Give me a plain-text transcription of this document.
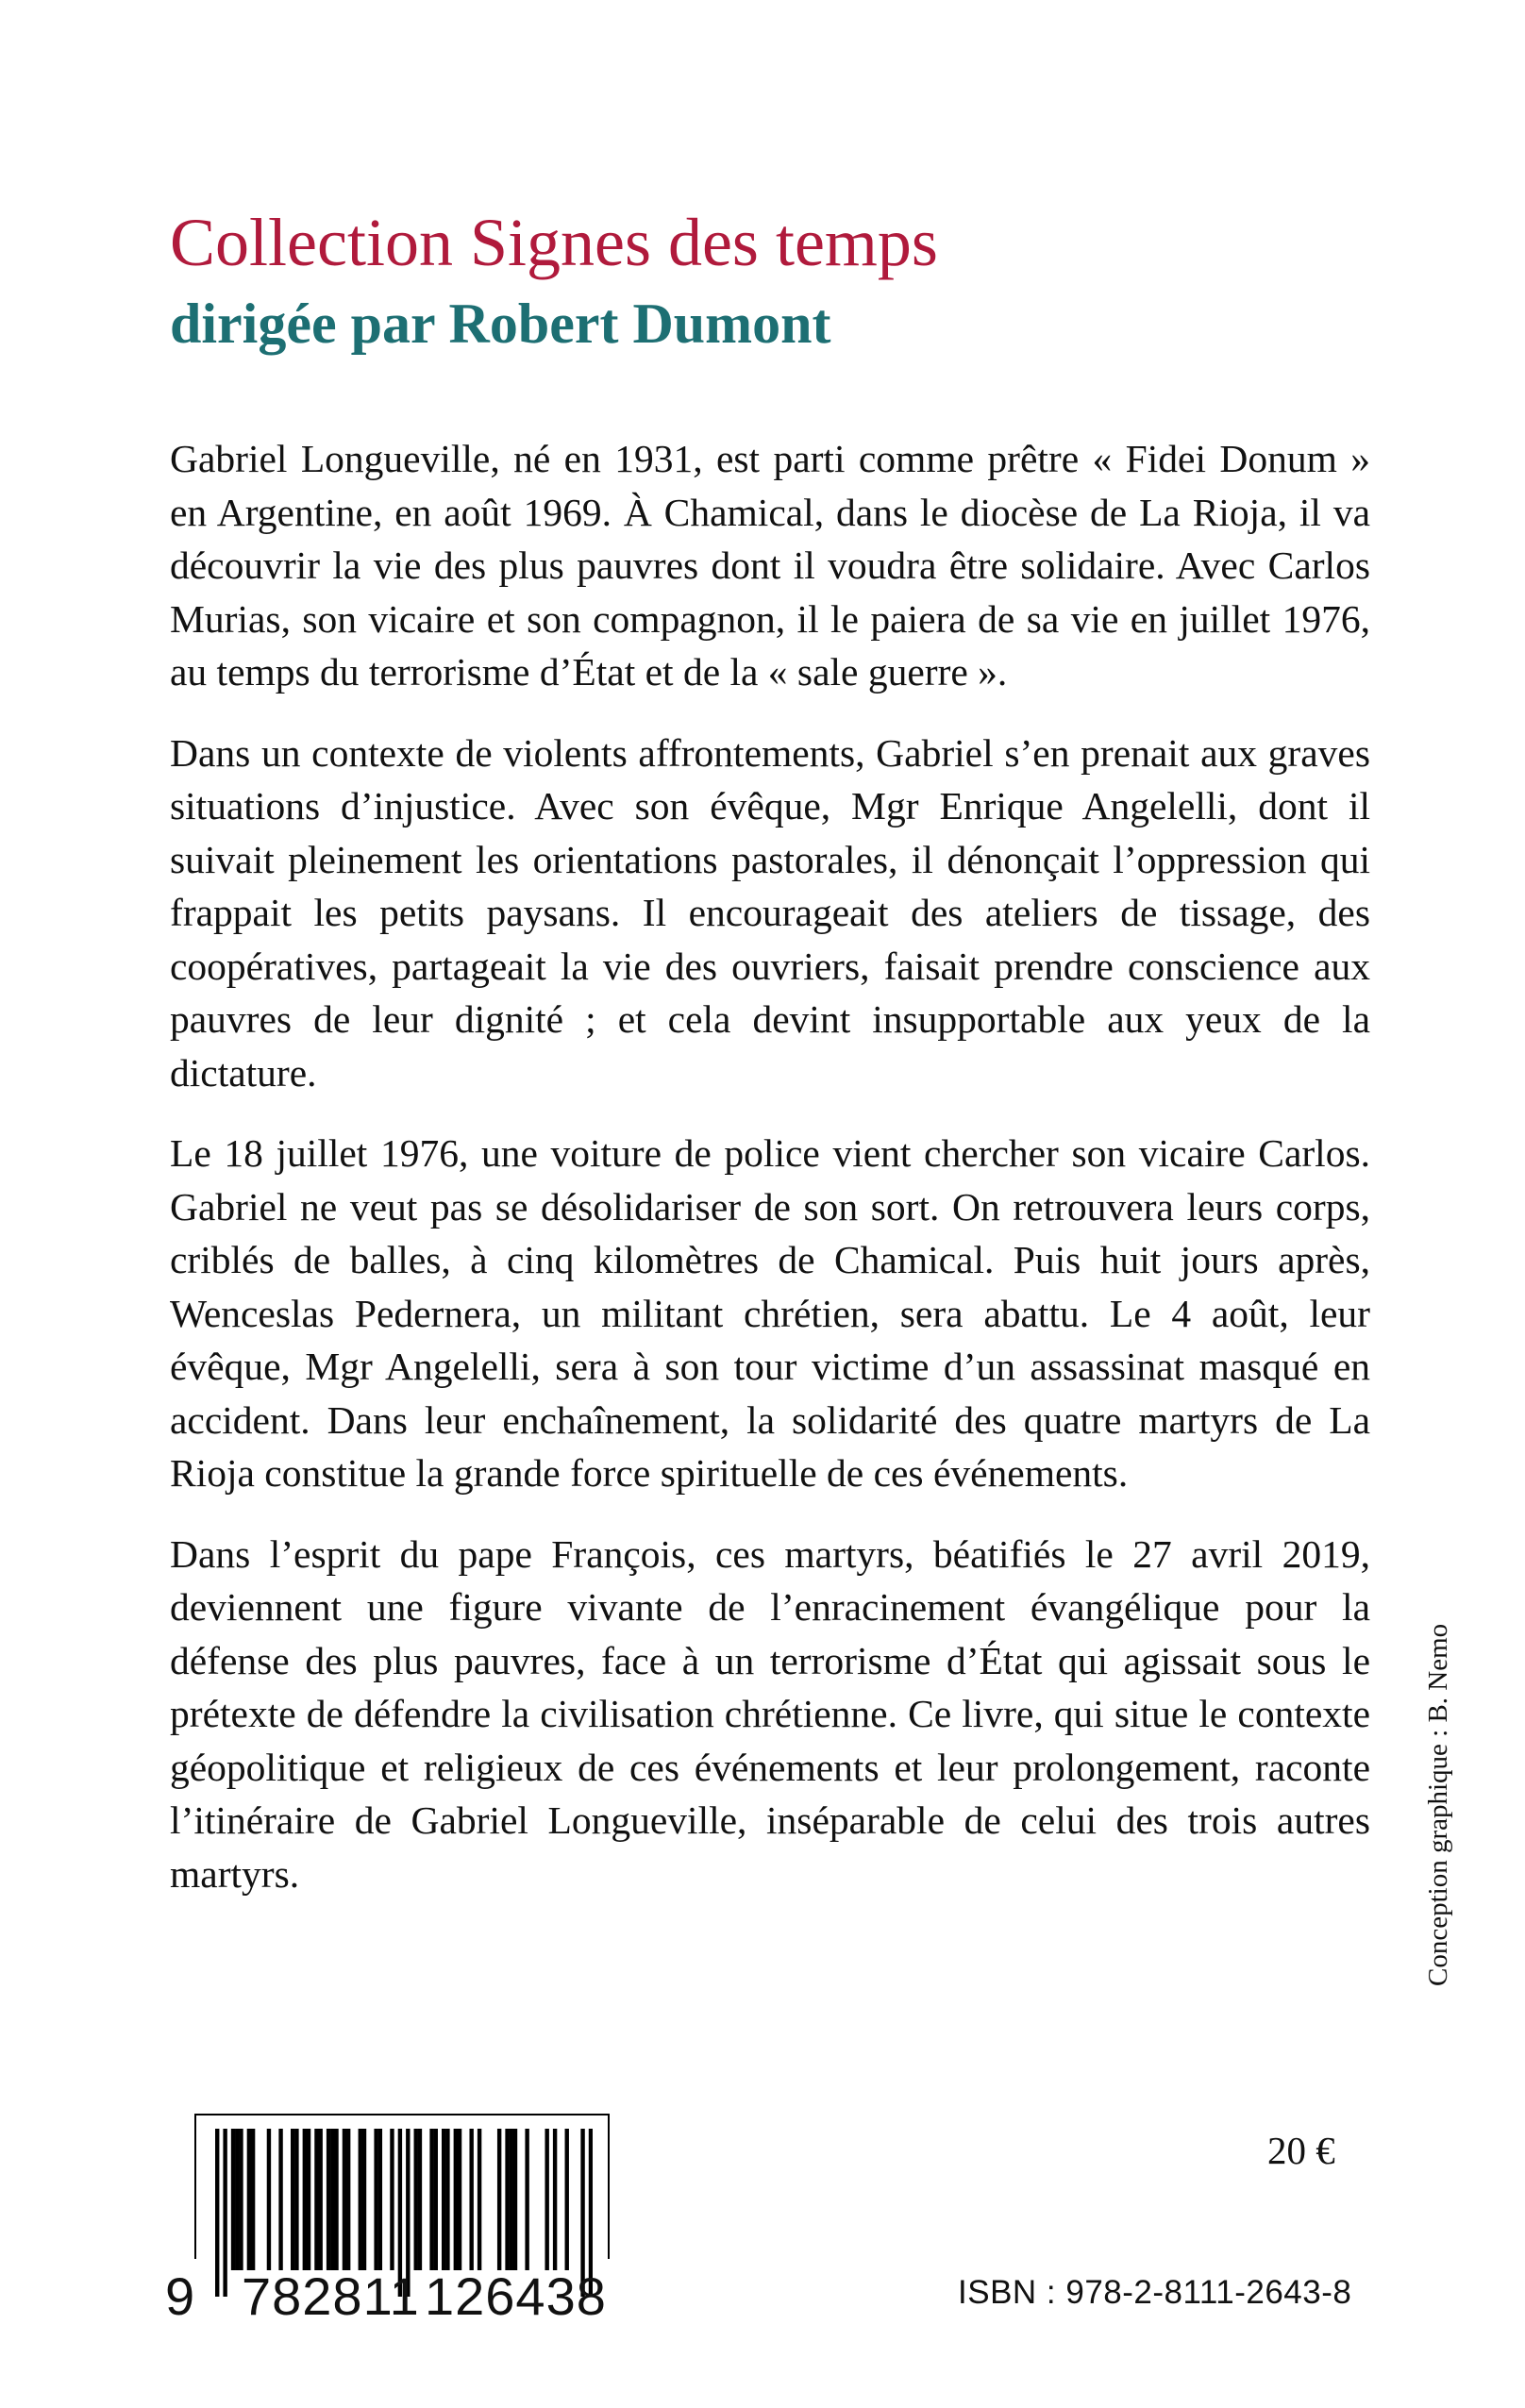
Collection Signes des temps
dirigée par Robert Dumont

Gabriel Longueville, né en 1931, est parti comme prêtre « Fidei Donum » en Argentine, en août 1969. À Chamical, dans le diocèse de La Rioja, il va découvrir la vie des plus pauvres dont il voudra être solidaire. Avec Carlos Murias, son vicaire et son compagnon, il le paiera de sa vie en juillet 1976, au temps du terrorisme d’État et de la « sale guerre ».

Dans un contexte de violents affrontements, Gabriel s’en prenait aux graves situations d’injustice. Avec son évêque, Mgr Enrique Angelelli, dont il suivait pleinement les orientations pastorales, il dénonçait l’oppression qui frappait les petits paysans. Il encourageait des ateliers de tissage, des coopératives, partageait la vie des ouvriers, faisait prendre conscience aux pauvres de leur dignité ; et cela devint insupportable aux yeux de la dictature.

Le 18 juillet 1976, une voiture de police vient chercher son vicaire Carlos. Gabriel ne veut pas se désolidariser de son sort. On retrouvera leurs corps, criblés de balles, à cinq kilomètres de Chamical. Puis huit jours après, Wenceslas Pedernera, un militant chrétien, sera abattu. Le 4 août, leur évêque, Mgr Angelelli, sera à son tour victime d’un assassinat masqué en accident. Dans leur enchaînement, la solidarité des quatre martyrs de La Rioja constitue la grande force spirituelle de ces événements.

Dans l’esprit du pape François, ces martyrs, béatifiés le 27 avril 2019, deviennent une figure vivante de l’enracinement évangélique pour la défense des plus pauvres, face à un terrorisme d’État qui agissait sous le prétexte de défendre la civilisation chrétienne. Ce livre, qui situe le contexte géopolitique et religieux de ces événements et leur prolongement, raconte l’itinéraire de Gabriel Longueville, inséparable de celui des trois autres martyrs.	Conception graphique : B. Nemo
9 782811 126438
20 €
ISBN : 978-2-8111-2643-8
